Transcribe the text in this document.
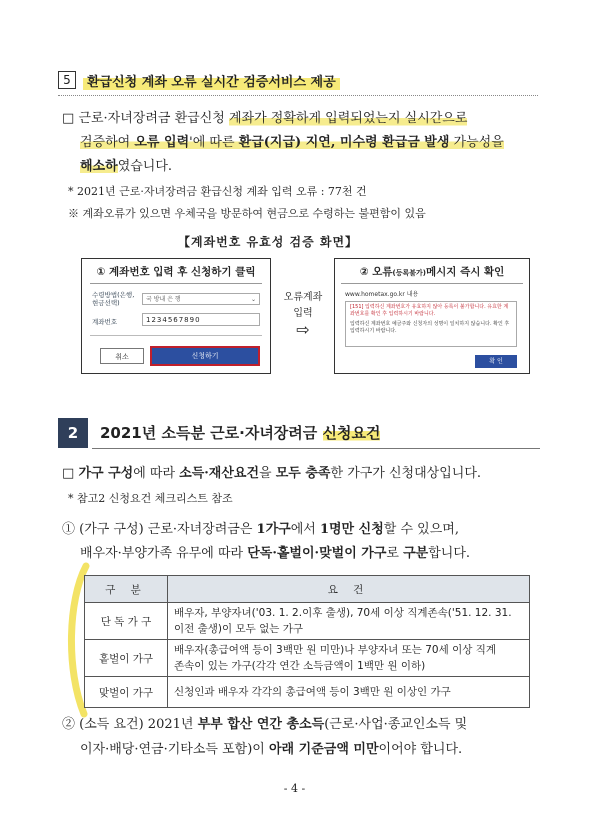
5	환급신청 계좌 오류 실시간 검증서비스 제공
□ 근로·자녀장려금 환급신청 계좌가 정확하게 입력되었는지 실시간으로
검증하여 오류 입력'에 따른 환급(지급) 지연, 미수령 환급금 발생 가능성을
해소하였습니다.
* 2021년 근로·자녀장려금 환급신청 계좌 입력 오류 : 77천 건
※ 계좌오류가 있으면 우체국을 방문하여 현금으로 수령하는 불편함이 있음
【계좌번호 유효성 검증 화면】
① 계좌번호 입력 후 신청하기 클릭
수령방법(은행, 현금선택)	국 방내 은 행	⌄
계좌번호	1234567890
취소	신청하기
오류계좌
입력
⇨
② 오류(등록불가)메시지 즉시 확인
www.hometax.go.kr 내용
[151] 입력하신 계좌번호가 유효하지 않아 등록이 불가합니다. 유효한 계좌번호를 확인 후 입력하시기 바랍니다.
입력하신 계좌번호 예금주와 신청자의 성명이 일치하지 않습니다. 확인 후 입력하시기 바랍니다.
확 인
2	2021년 소득분 근로·자녀장려금 신청요건
□ 가구 구성에 따라 소득·재산요건을 모두 충족한 가구가 신청대상입니다.
* 참고2 신청요건 체크리스트 참조
① (가구 구성) 근로·자녀장려금은 1가구에서 1명만 신청할 수 있으며,
배우자·부양가족 유무에 따라 단독·홑벌이·맞벌이 가구로 구분합니다.
구 분	요 건
단 독 가 구	배우자, 부양자녀('03. 1. 2.이후 출생), 70세 이상 직계존속('51. 12. 31.
이전 출생)이 모두 없는 가구

홑벌이 가구	배우자(총급여액 등이 3백만 원 미만)나 부양자녀 또는 70세 이상 직계
존속이 있는 가구(각각 연간 소득금액이 1백만 원 이하)

맞벌이 가구	신청인과 배우자 각각의 총급여액 등이 3백만 원 이상인 가구
② (소득 요건) 2021년 부부 합산 연간 총소득(근로·사업·종교인소득 및
이자·배당·연금·기타소득 포함)이 아래 기준금액 미만이어야 합니다.
- 4 -
